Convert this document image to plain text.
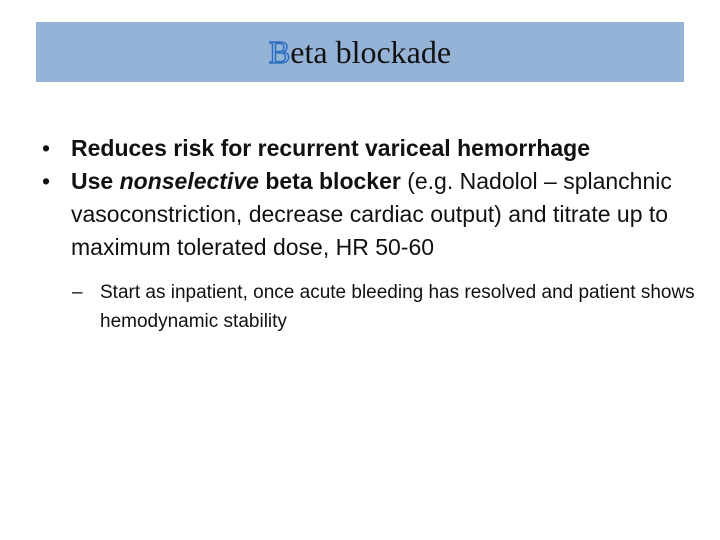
B eta blockade

• Reduces risk for recurrent variceal hemorrhage

• Use nonselective beta blocker (e.g. Nadolol – splanchnic vasoconstriction, decrease cardiac output) and titrate up to maximum tolerated dose, HR 50-60

– Start as inpatient, once acute bleeding has resolved and patient shows hemodynamic stability
